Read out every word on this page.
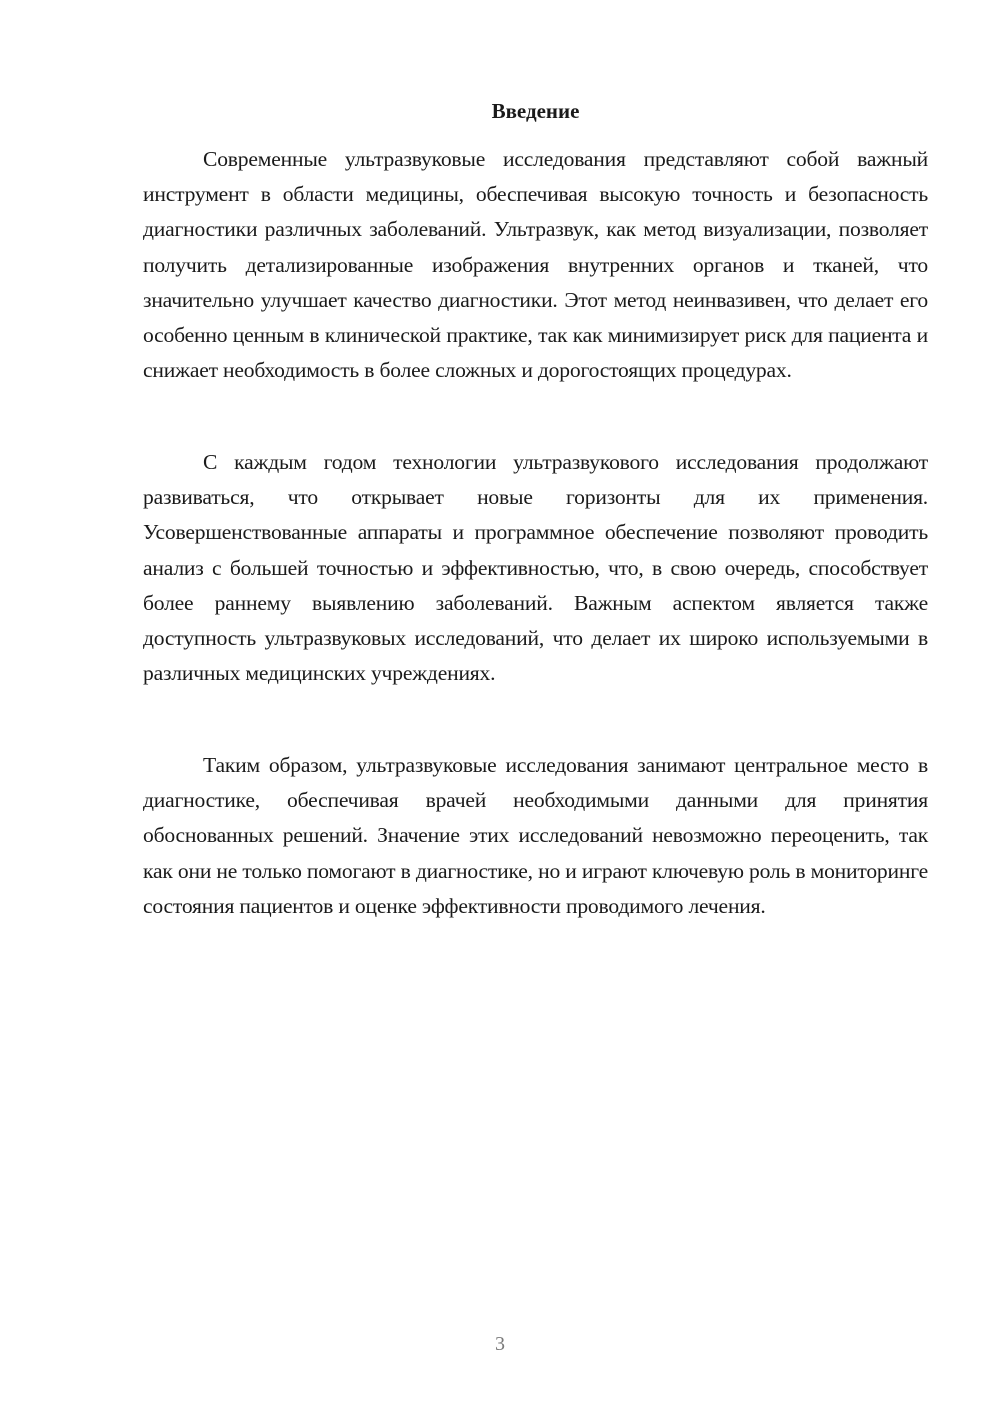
Введение

Современные ультразвуковые исследования представляют собой важный инструмент в области медицины, обеспечивая высокую точность и безопасность диагностики различных заболеваний. Ультразвук, как метод визуализации, позволяет получить детализированные изображения внутренних органов и тканей, что значительно улучшает качество диагностики. Этот метод неинвазивен, что делает его особенно ценным в клинической практике, так как минимизирует риск для пациента и снижает необходимость в более сложных и дорогостоящих процедурах.

С каждым годом технологии ультразвукового исследования продолжают развиваться, что открывает новые горизонты для их применения. Усовершенствованные аппараты и программное обеспечение позволяют проводить анализ с большей точностью и эффективностью, что, в свою очередь, способствует более раннему выявлению заболеваний. Важным аспектом является также доступность ультразвуковых исследований, что делает их широко используемыми в различных медицинских учреждениях.

Таким образом, ультразвуковые исследования занимают центральное место в диагностике, обеспечивая врачей необходимыми данными для принятия обоснованных решений. Значение этих исследований невозможно переоценить, так как они не только помогают в диагностике, но и играют ключевую роль в мониторинге состояния пациентов и оценке эффективности проводимого лечения.

3
